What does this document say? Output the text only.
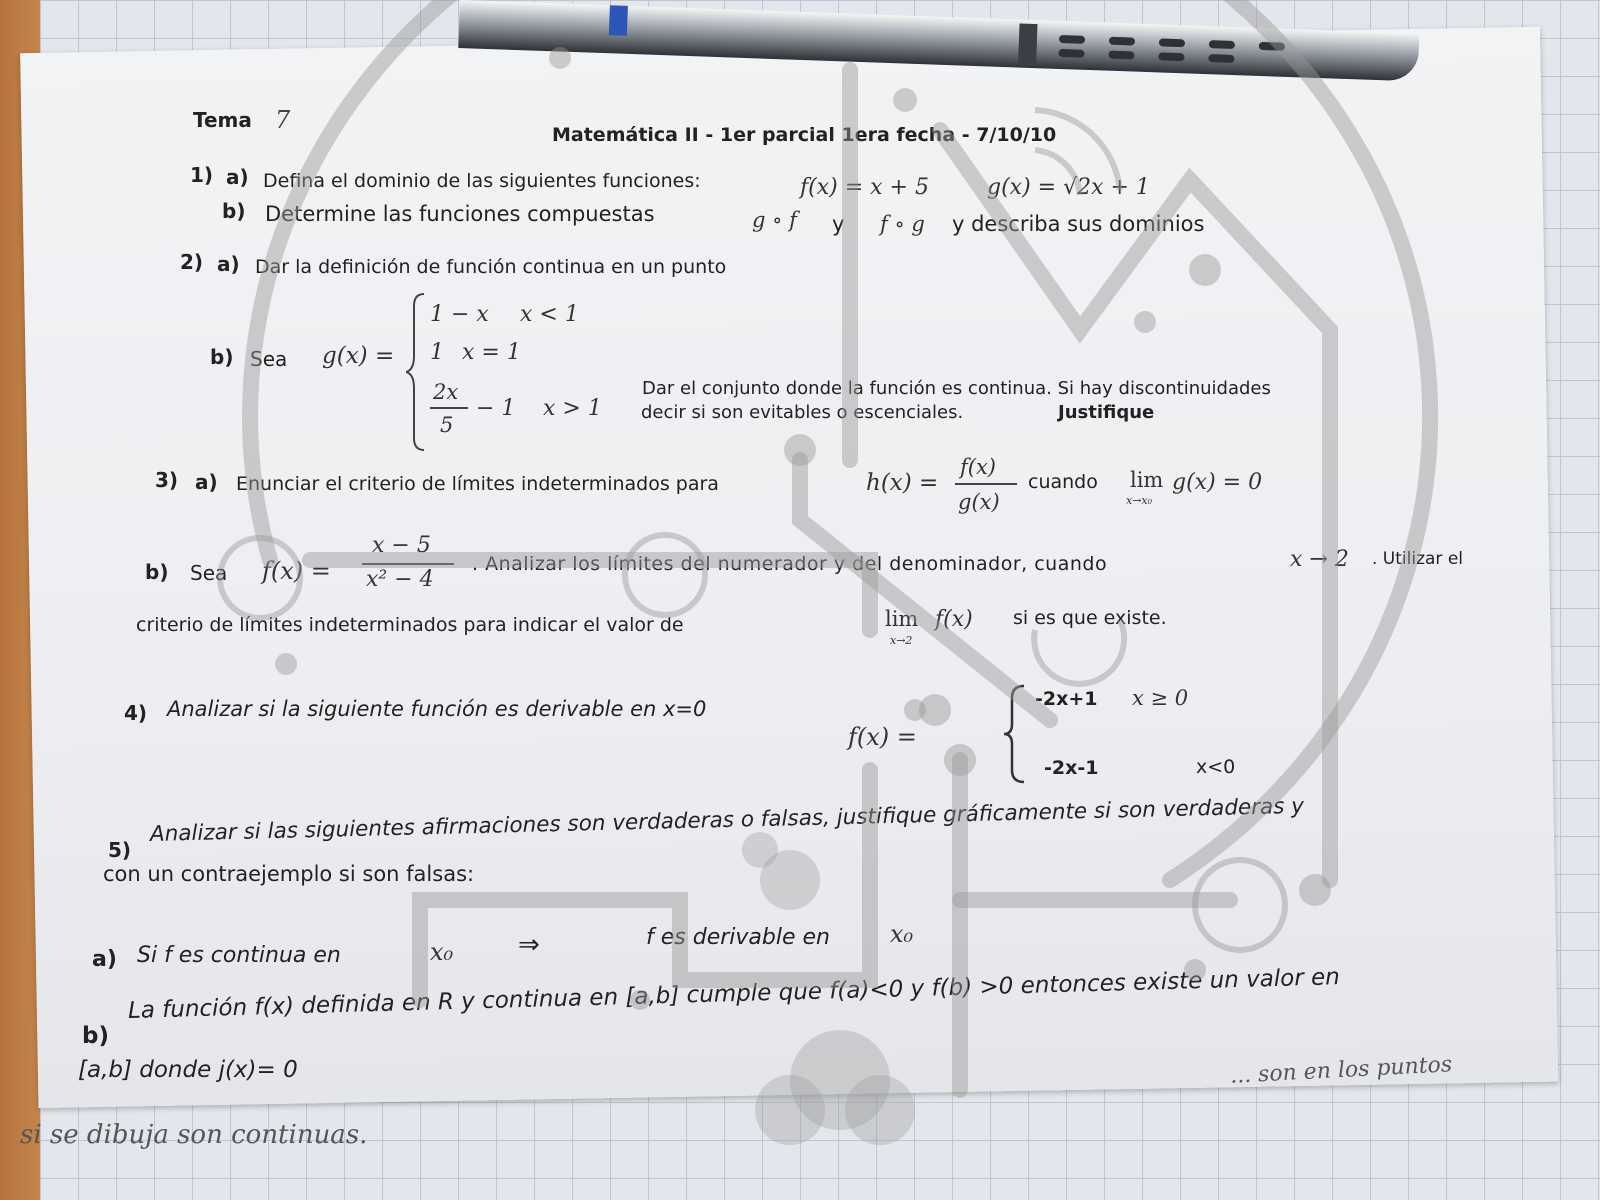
Tema 7
Matemática II - 1er parcial 1era fecha - 7/10/10
1) a) Defina el dominio de las siguientes funciones:	f(x) = x + 5	g(x) = √2x + 1
b) Determine las funciones compuestas	g ∘ f y f ∘ g y describa sus dominios
2) a) Dar la definición de función continua en un punto
b) Sea g(x) =
1 − x x < 1
1 x = 1
2x
5
− 1 x > 1
Dar el conjunto donde la función es continua. Si hay discontinuidades
decir si son evitables o escenciales.	Justifique
3) a) Enunciar el criterio de límites indeterminados para	h(x) =
f(x)
g(x)
cuando lim
x→x₀
g(x) = 0
b) Sea f(x) =
x − 5
x² − 4
. Analizar los límites del numerador y del denominador, cuando	x → 2 . Utilizar el
criterio de límites indeterminados para indicar el valor de	lim
x→2
f(x) si es que existe.
4) Analizar si la siguiente función es derivable en x=0
f(x) =
-2x+1 x ≥ 0
-2x-1	x<0
5)
Analizar si las siguientes afirmaciones son verdaderas o falsas, justifique gráficamente si son verdaderas y
con un contraejemplo si son falsas:
a) Si f es continua en	x₀ ⇒	f es derivable en	x₀
b)
La función f(x) definida en R y continua en [a,b] cumple que f(a)<0 y f(b) >0 entonces existe un valor en
[a,b] donde j(x)= 0	... son en los puntos
si se dibuja son continuas.
